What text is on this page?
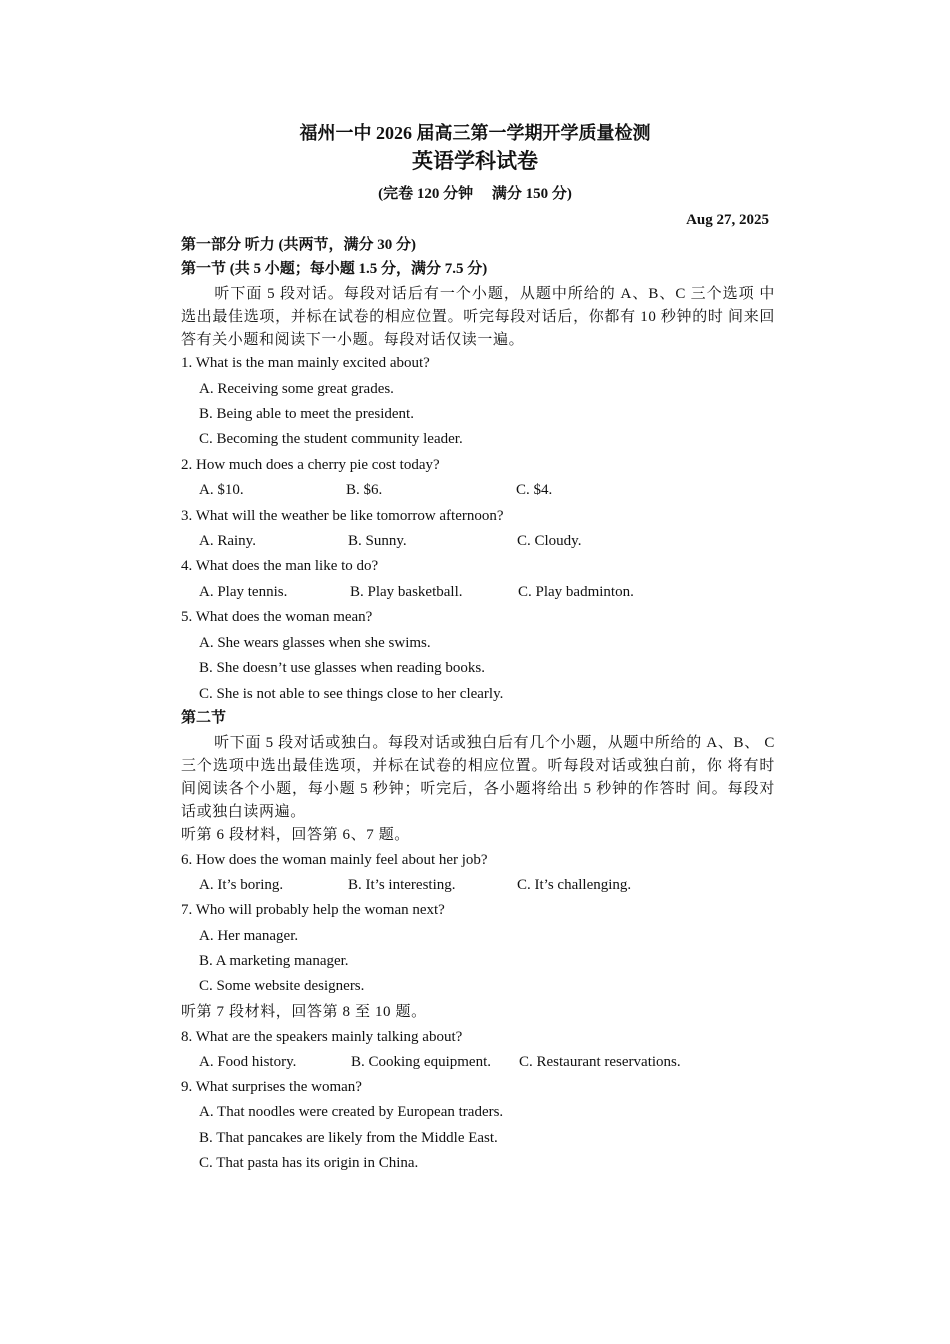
福州一中 2026 届高三第一学期开学质量检测
英语学科试卷
(完卷 120 分钟　 满分 150 分)
Aug 27, 2025
第一部分 听力 (共两节，满分 30 分)
第一节 (共 5 小题；每小题 1.5 分，满分 7.5 分)
听下面 5 段对话。每段对话后有一个小题，从题中所给的 A、B、C 三个选项 中选出最佳选项，并标在试卷的相应位置。听完每段对话后，你都有 10 秒钟的时 间来回答有关小题和阅读下一小题。每段对话仅读一遍。
1. What is the man mainly excited about?
A. Receiving some great grades.
B. Being able to meet the president.
C. Becoming the student community leader.
2. How much does a cherry pie cost today?
A. $10.	B. $6.	C. $4.
3. What will the weather be like tomorrow afternoon?
A. Rainy.	B. Sunny.	C. Cloudy.
4. What does the man like to do?
A. Play tennis.	B. Play basketball.	C. Play badminton.
5. What does the woman mean?
A. She wears glasses when she swims.
B. She doesn’t use glasses when reading books.
C. She is not able to see things close to her clearly.
第二节
听下面 5 段对话或独白。每段对话或独白后有几个小题，从题中所给的 A、B、 C 三个选项中选出最佳选项，并标在试卷的相应位置。听每段对话或独白前，你 将有时间阅读各个小题，每小题 5 秒钟；听完后，各小题将给出 5 秒钟的作答时 间。每段对话或独白读两遍。
听第 6 段材料，回答第 6、7 题。
6. How does the woman mainly feel about her job?
A. It’s boring.	B. It’s interesting.	C. It’s challenging.
7. Who will probably help the woman next?
A. Her manager.
B. A marketing manager.
C. Some website designers.
听第 7 段材料，回答第 8 至 10 题。
8. What are the speakers mainly talking about?
A. Food history.	B. Cooking equipment. C. Restaurant reservations.
9. What surprises the woman?
A. That noodles were created by European traders.
B. That pancakes are likely from the Middle East.
C. That pasta has its origin in China.
